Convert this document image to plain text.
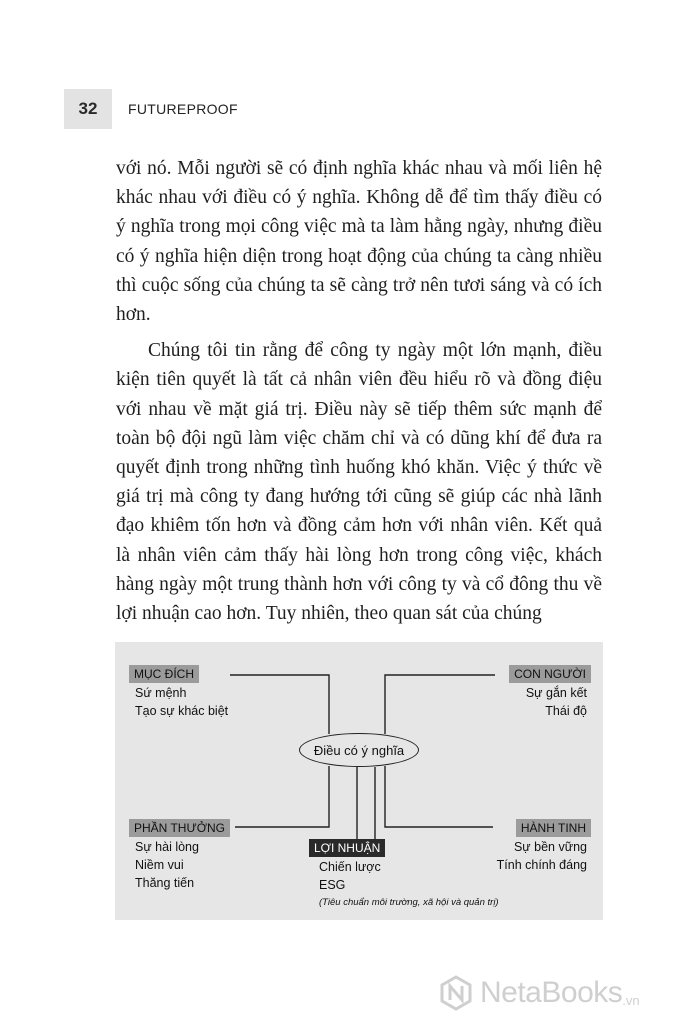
32	FUTUREPROOF

với nó. Mỗi người sẽ có định nghĩa khác nhau và mối liên hệ khác nhau với điều có ý nghĩa. Không dễ để tìm thấy điều có ý nghĩa trong mọi công việc mà ta làm hằng ngày, nhưng điều có ý nghĩa hiện diện trong hoạt động của chúng ta càng nhiều thì cuộc sống của chúng ta sẽ càng trở nên tươi sáng và có ích hơn.

Chúng tôi tin rằng để công ty ngày một lớn mạnh, điều kiện tiên quyết là tất cả nhân viên đều hiểu rõ và đồng điệu với nhau về mặt giá trị. Điều này sẽ tiếp thêm sức mạnh để toàn bộ đội ngũ làm việc chăm chỉ và có dũng khí để đưa ra quyết định trong những tình huống khó khăn. Việc ý thức về giá trị mà công ty đang hướng tới cũng sẽ giúp các nhà lãnh đạo khiêm tốn hơn và đồng cảm hơn với nhân viên. Kết quả là nhân viên cảm thấy hài lòng hơn trong công việc, khách hàng ngày một trung thành hơn với công ty và cổ đông thu về lợi nhuận cao hơn. Tuy nhiên, theo quan sát của chúng

Điều có ý nghĩa
MỤC ĐÍCH
Sứ mệnh
Tạo sự khác biệt
CON NGƯỜI
Sự gắn kết
Thái độ
PHẦN THƯỞNG
Sự hài lòng
Niềm vui
Thăng tiến
HÀNH TINH
Sự bền vững
Tính chính đáng
LỢI NHUẬN
Chiến lược
ESG
(Tiêu chuẩn môi trường, xã hội và quản trị)
NetaBooks .vn
